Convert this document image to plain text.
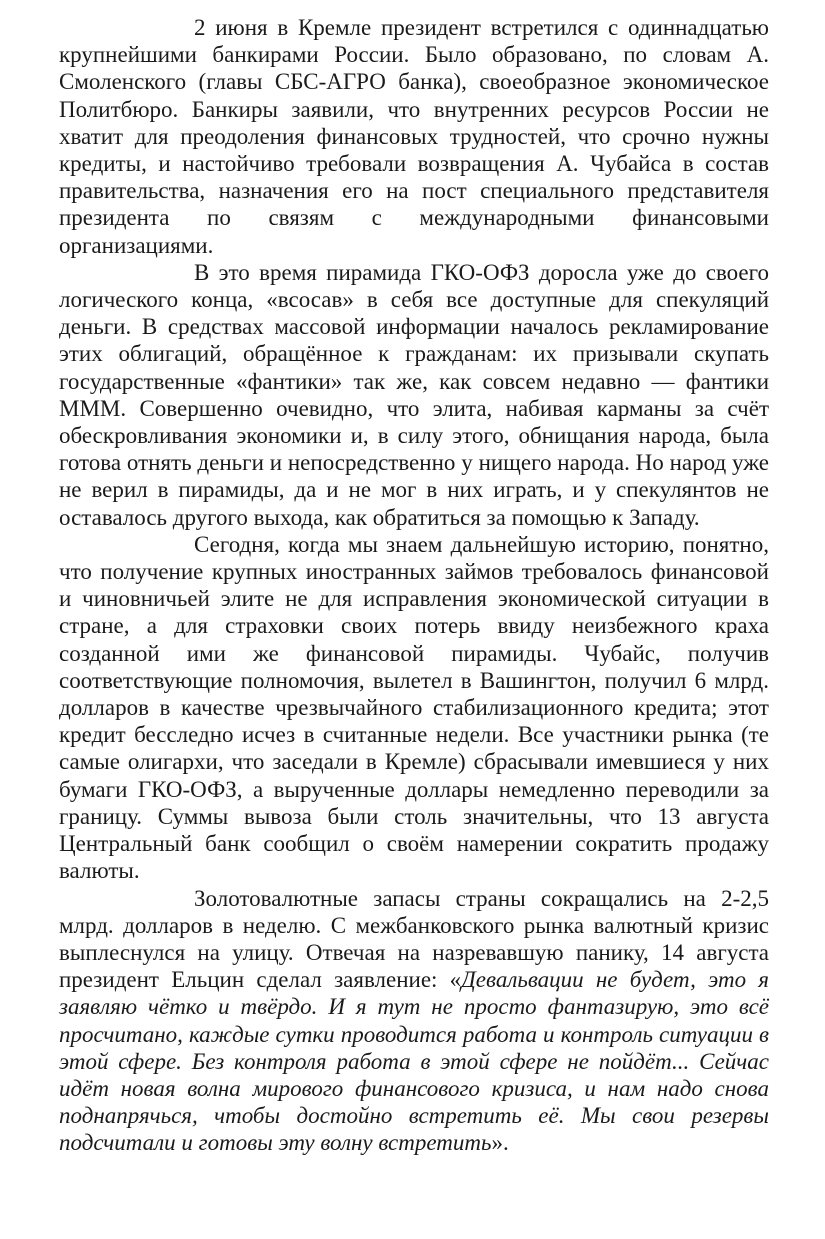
2 июня в Кремле президент встретился с одиннадцатью крупнейшими банкирами России. Было образовано, по словам А. Смоленского (главы СБС-АГРО банка), своеобразное экономическое Политбюро. Банкиры заявили, что внутренних ресурсов России не хватит для преодоления финансовых трудностей, что срочно нужны кредиты, и настойчиво требовали возвращения А. Чубайса в состав правительства, назначения его на пост специального представителя президента по связям с международными финансовыми организациями.

В это время пирамида ГКО-ОФЗ доросла уже до своего логического конца, «всосав» в себя все доступные для спекуляций деньги. В средствах массовой информации началось рекламирование этих облигаций, обращённое к гражданам: их призывали скупать государственные «фантики» так же, как совсем недавно — фантики МММ. Совершенно очевидно, что элита, набивая карманы за счёт обескровливания экономики и, в силу этого, обнищания народа, была готова отнять деньги и непосредственно у нищего народа. Но народ уже не верил в пирамиды, да и не мог в них играть, и у спекулянтов не оставалось другого выхода, как обратиться за помощью к Западу.

Сегодня, когда мы знаем дальнейшую историю, понятно, что получение крупных иностранных займов требовалось финансовой и чиновничьей элите не для исправления экономической ситуации в стране, а для страховки своих потерь ввиду неизбежного краха созданной ими же финансовой пирамиды. Чубайс, получив соответствующие полномочия, вылетел в Вашингтон, получил 6 млрд. долларов в качестве чрезвычайного стабилизационного кредита; этот кредит бесследно исчез в считанные недели. Все участники рынка (те самые олигархи, что заседали в Кремле) сбрасывали имевшиеся у них бумаги ГКО-ОФЗ, а вырученные доллары немедленно переводили за границу. Суммы вывоза были столь значительны, что 13 августа Центральный банк сообщил о своём намерении сократить продажу валюты.

Золотовалютные запасы страны сокращались на 2-2,5 млрд. долларов в неделю. С межбанковского рынка валютный кризис выплеснулся на улицу. Отвечая на назревавшую панику, 14 августа президент Ельцин сделал заявление: «Девальвации не будет, это я заявляю чётко и твёрдо. И я тут не просто фантазирую, это всё просчитано, каждые сутки проводится работа и контроль ситуации в этой сфере. Без контроля работа в этой сфере не пойдёт... Сейчас идёт новая волна мирового финансового кризиса, и нам надо снова поднапрячься, чтобы достойно встретить её. Мы свои резервы подсчитали и готовы эту волну встретить».
